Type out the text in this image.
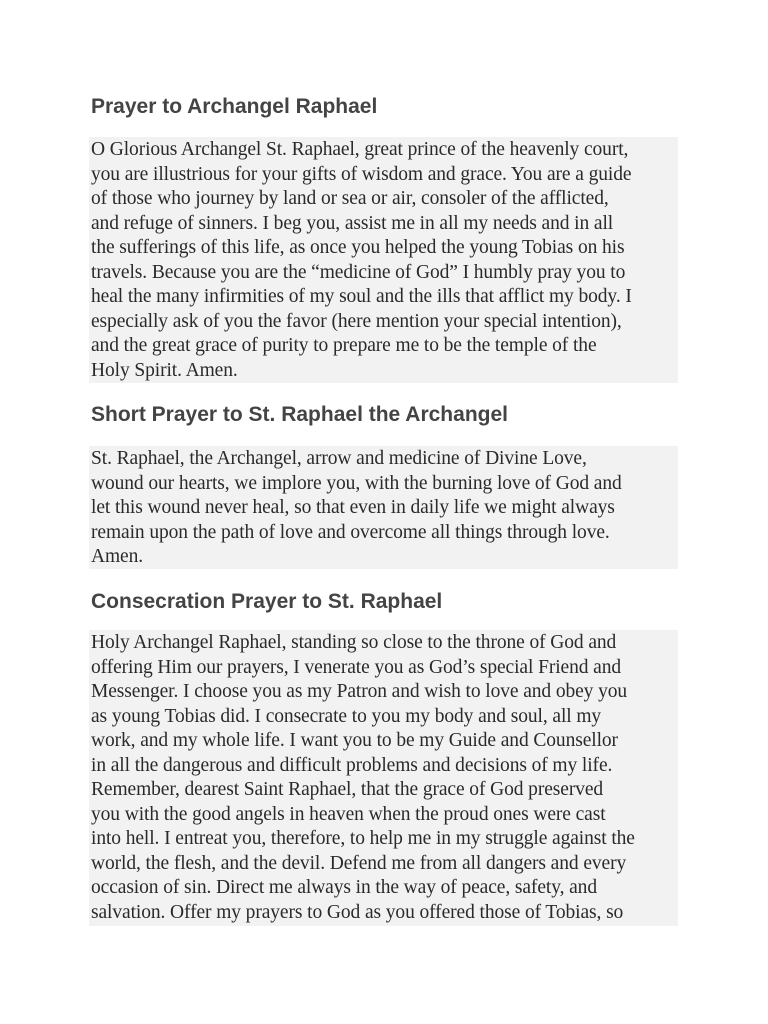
Prayer to Archangel Raphael
O Glorious Archangel St. Raphael, great prince of the heavenly court,
you are illustrious for your gifts of wisdom and grace. You are a guide
of those who journey by land or sea or air, consoler of the afflicted,
and refuge of sinners. I beg you, assist me in all my needs and in all
the sufferings of this life, as once you helped the young Tobias on his
travels. Because you are the “medicine of God” I humbly pray you to
heal the many infirmities of my soul and the ills that afflict my body. I
especially ask of you the favor (here mention your special intention),
and the great grace of purity to prepare me to be the temple of the
Holy Spirit. Amen.
Short Prayer to St. Raphael the Archangel
St. Raphael, the Archangel, arrow and medicine of Divine Love,
wound our hearts, we implore you, with the burning love of God and
let this wound never heal, so that even in daily life we might always
remain upon the path of love and overcome all things through love.
Amen.
Consecration Prayer to St. Raphael
Holy Archangel Raphael, standing so close to the throne of God and
offering Him our prayers, I venerate you as God’s special Friend and
Messenger. I choose you as my Patron and wish to love and obey you
as young Tobias did. I consecrate to you my body and soul, all my
work, and my whole life. I want you to be my Guide and Counsellor
in all the dangerous and difficult problems and decisions of my life.
Remember, dearest Saint Raphael, that the grace of God preserved
you with the good angels in heaven when the proud ones were cast
into hell. I entreat you, therefore, to help me in my struggle against the
world, the flesh, and the devil. Defend me from all dangers and every
occasion of sin. Direct me always in the way of peace, safety, and
salvation. Offer my prayers to God as you offered those of Tobias, so
